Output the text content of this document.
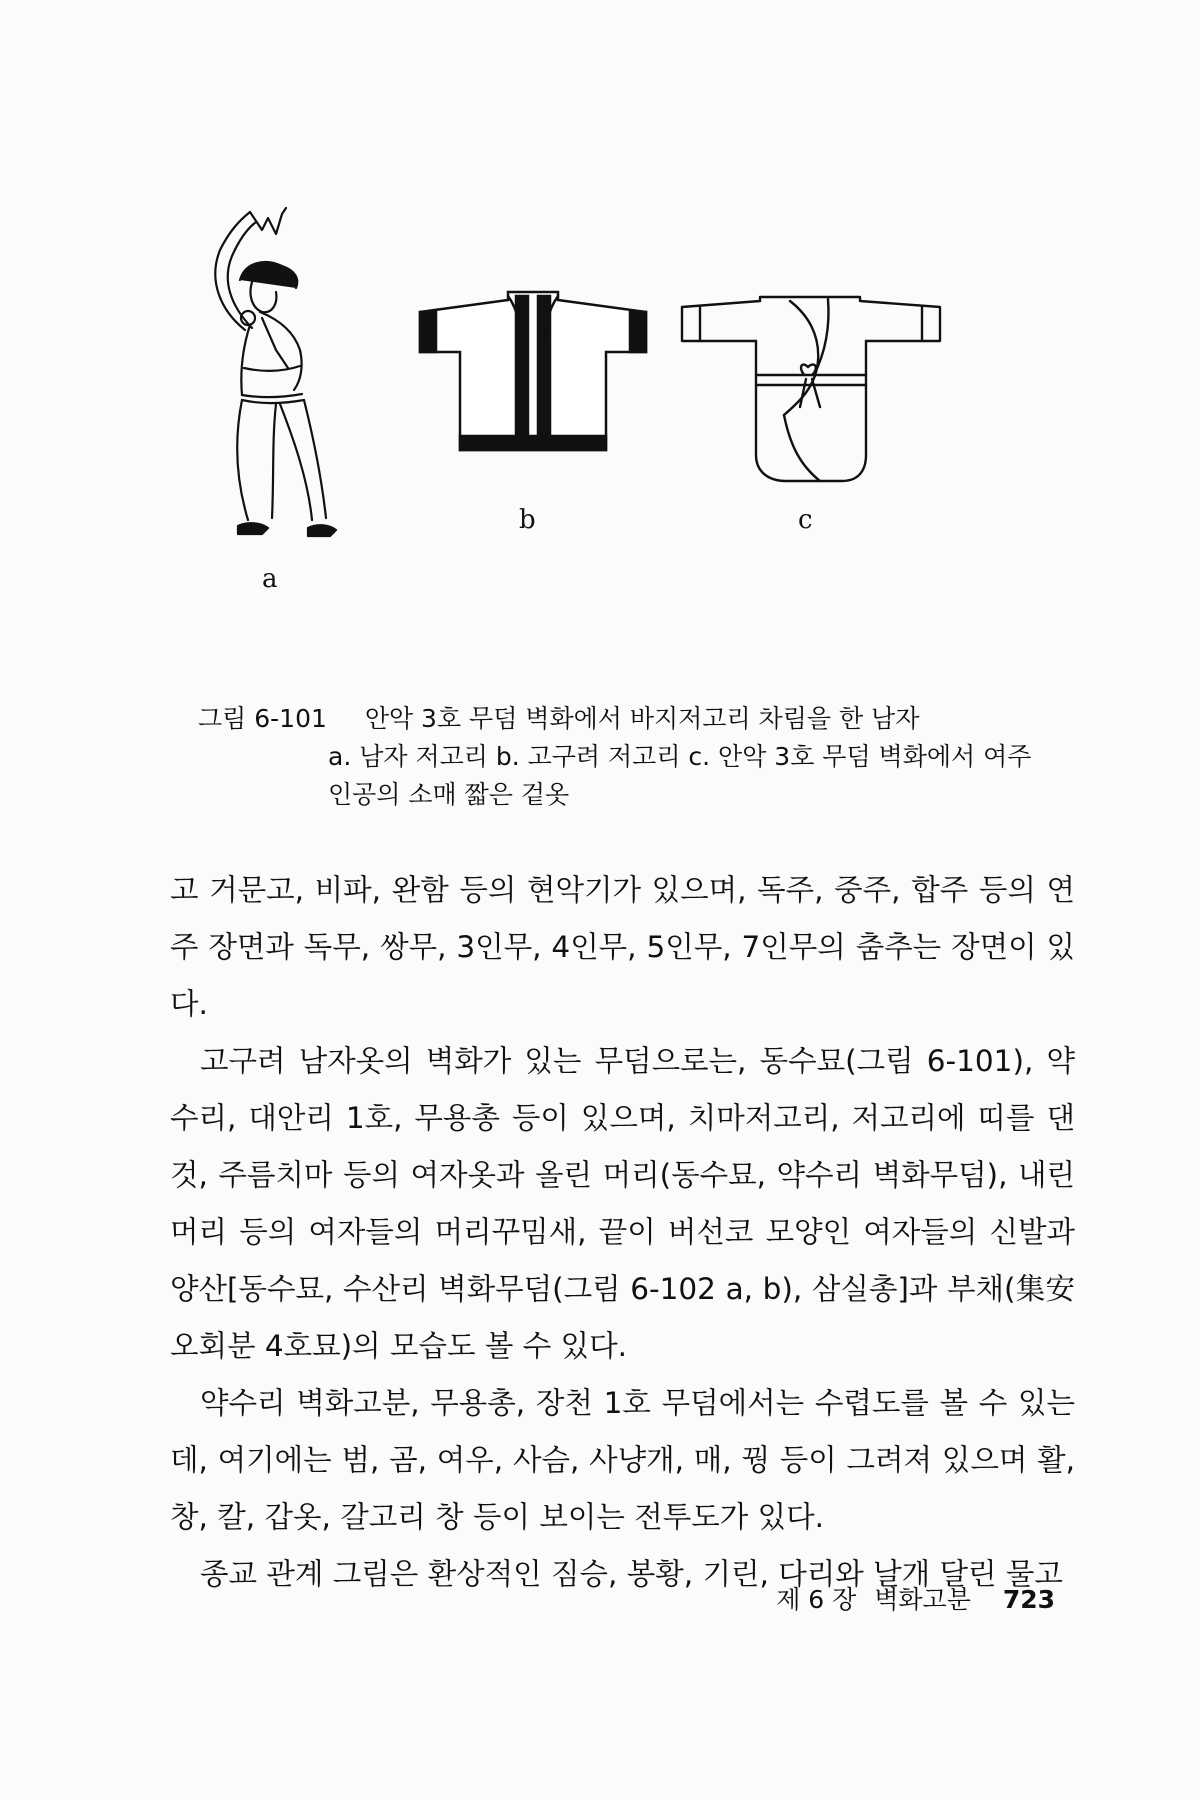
a
b	c
그림 6-101 안악 3호 무덤 벽화에서 바지저고리 차림을 한 남자
a. 남자 저고리 b. 고구려 저고리 c. 안악 3호 무덤 벽화에서 여주
인공의 소매 짧은 겉옷

고 거문고, 비파, 완함 등의 현악기가 있으며, 독주, 중주, 합주 등의 연주 장면과 독무, 쌍무, 3인무, 4인무, 5인무, 7인무의 춤추는 장면이 있다.

고구려 남자옷의 벽화가 있는 무덤으로는, 동수묘(그림 6-101), 약수리, 대안리 1호, 무용총 등이 있으며, 치마저고리, 저고리에 띠를 댄 것, 주름치마 등의 여자옷과 올린 머리(동수묘, 약수리 벽화무덤), 내린 머리 등의 여자들의 머리꾸밈새, 끝이 버선코 모양인 여자들의 신발과 양산[동수묘, 수산리 벽화무덤(그림 6-102 a, b), 삼실총]과 부채(集安 오회분 4호묘)의 모습도 볼 수 있다.

약수리 벽화고분, 무용총, 장천 1호 무덤에서는 수렵도를 볼 수 있는데, 여기에는 범, 곰, 여우, 사슴, 사냥개, 매, 꿩 등이 그려져 있으며 활, 창, 칼, 갑옷, 갈고리 창 등이 보이는 전투도가 있다.

종교 관계 그림은 환상적인 짐승, 봉황, 기린, 다리와 날개 달린 물고

제 6 장 벽화고분 723
